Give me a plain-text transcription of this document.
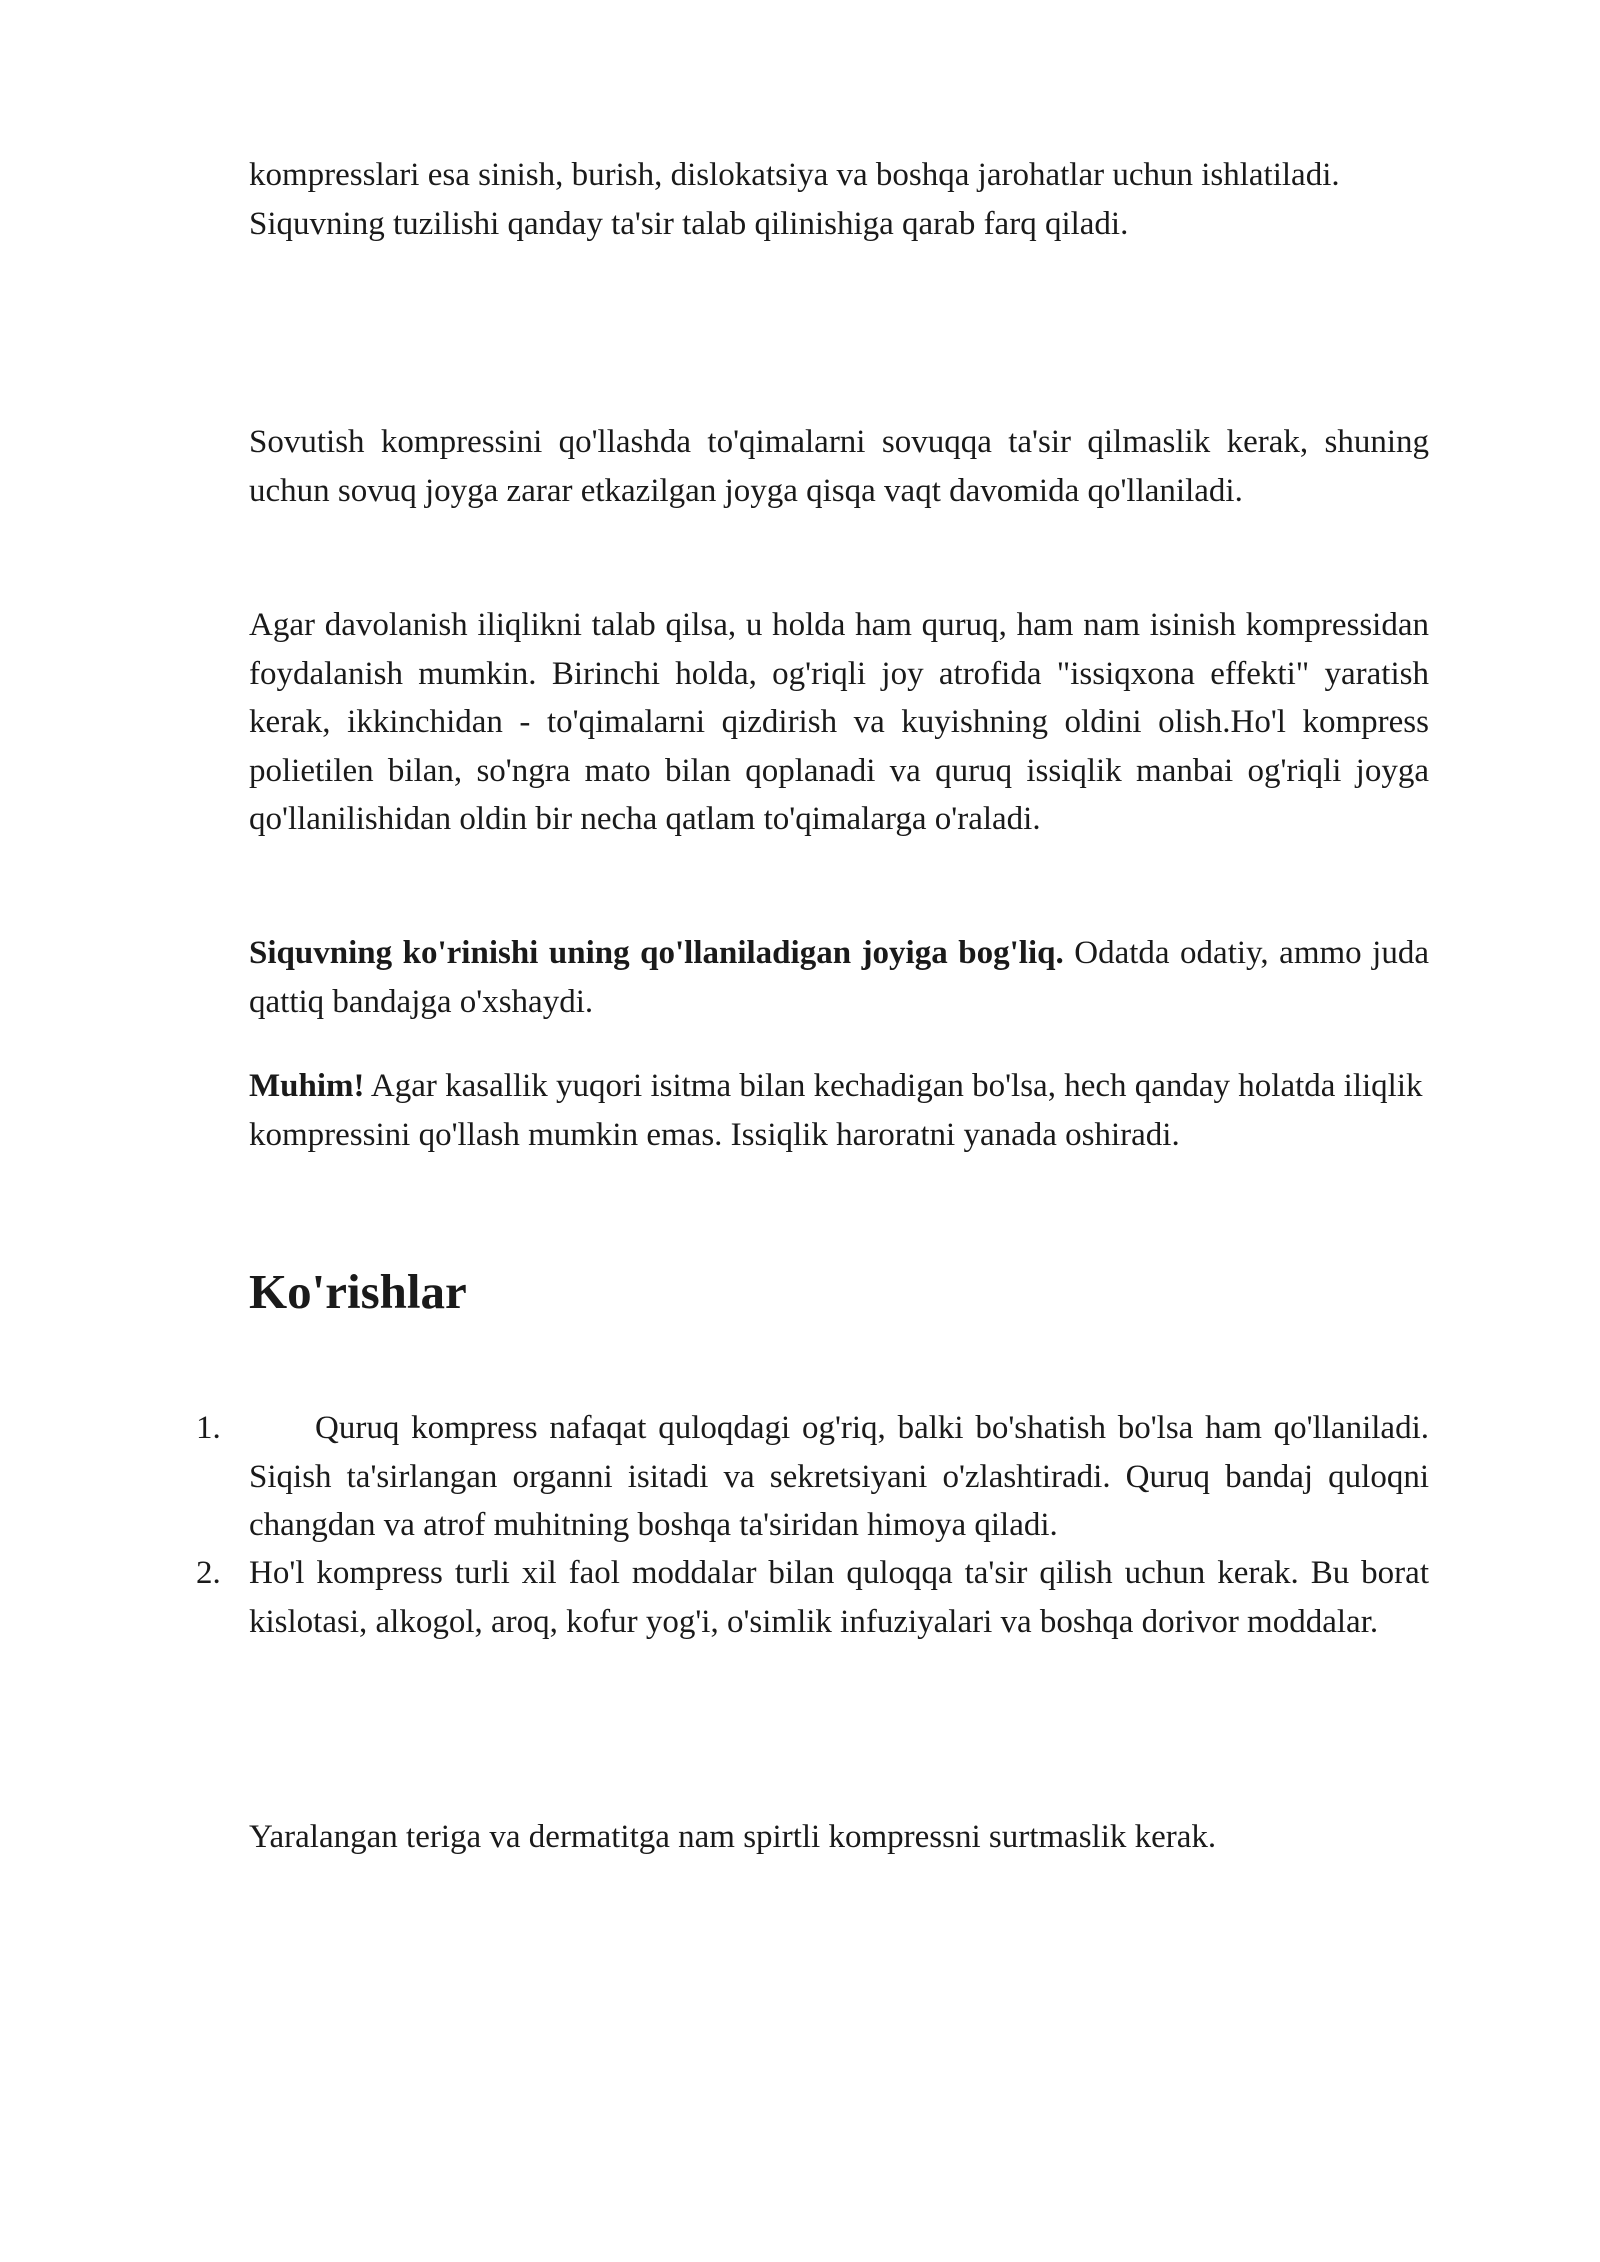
kompresslari esa sinish, burish, dislokatsiya va boshqa jarohatlar uchun ishlatiladi. Siquvning tuzilishi qanday ta'sir talab qilinishiga qarab farq qiladi.

Sovutish kompressini qo'llashda to'qimalarni sovuqqa ta'sir qilmaslik kerak, shuning uchun sovuq joyga zarar etkazilgan joyga qisqa vaqt davomida qo'llaniladi.

Agar davolanish iliqlikni talab qilsa, u holda ham quruq, ham nam isinish kompressidan foydalanish mumkin. Birinchi holda, og'riqli joy atrofida "issiqxona effekti" yaratish kerak, ikkinchidan - to'qimalarni qizdirish va kuyishning oldini olish.Ho'l kompress polietilen bilan, so'ngra mato bilan qoplanadi va quruq issiqlik manbai og'riqli joyga qo'llanilishidan oldin bir necha qatlam to'qimalarga o'raladi.

Siquvning ko'rinishi uning qo'llaniladigan joyiga bog'liq. Odatda odatiy, ammo juda qattiq bandajga o'xshaydi.

Muhim! Agar kasallik yuqori isitma bilan kechadigan bo'lsa, hech qanday holatda iliqlik kompressini qo'llash mumkin emas. Issiqlik haroratni yanada oshiradi.

Ko'rishlar
1.	Quruq kompress nafaqat quloqdagi og'riq, balki bo'shatish bo'lsa ham qo'llaniladi. Siqish ta'sirlangan organni isitadi va sekretsiyani o'zlashtiradi. Quruq bandaj quloqni changdan va atrof muhitning boshqa ta'siridan himoya qiladi.
2. Ho'l kompress turli xil faol moddalar bilan quloqqa ta'sir qilish uchun kerak. Bu borat kislotasi, alkogol, aroq, kofur yog'i, o'simlik infuziyalari va boshqa dorivor moddalar.

Yaralangan teriga va dermatitga nam spirtli kompressni surtmaslik kerak.
